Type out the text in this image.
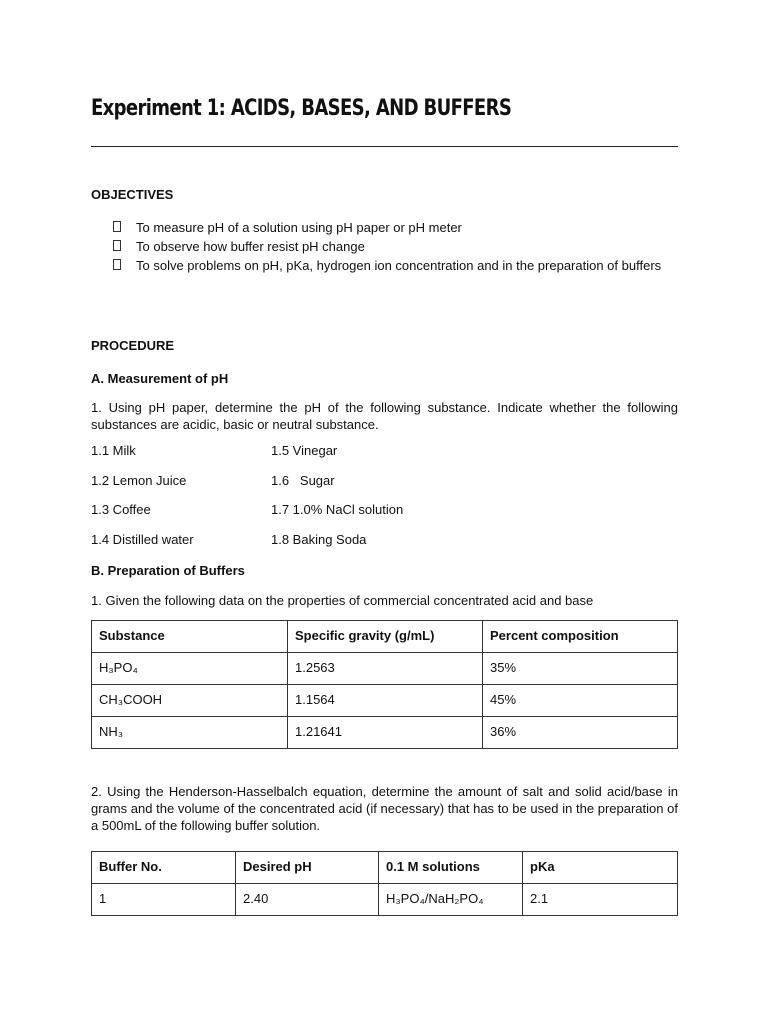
Experiment 1: ACIDS, BASES, AND BUFFERS
OBJECTIVES
To measure pH of a solution using pH paper or pH meter
To observe how buffer resist pH change
To solve problems on pH, pKa, hydrogen ion concentration and in the preparation of buffers
PROCEDURE
A. Measurement of pH

1. Using pH paper, determine the pH of the following substance. Indicate whether the following substances are acidic, basic or neutral substance.

1.1 Milk	1.5 Vinegar
1.2 Lemon Juice	1.6   Sugar
1.3 Coffee	1.7 1.0% NaCl solution
1.4 Distilled water	1.8 Baking Soda
B. Preparation of Buffers

1. Given the following data on the properties of commercial concentrated acid and base

Substance	Specific gravity (g/mL)	Percent composition
H₃PO₄	1.2563	35%
CH₃COOH	1.1564	45%
NH₃	1.21641	36%

2. Using the Henderson-Hasselbalch equation, determine the amount of salt and solid acid/base in grams and the volume of the concentrated acid (if necessary) that has to be used in the preparation of a 500mL of the following buffer solution.

Buffer No.	Desired pH	0.1 M solutions	pKa
1	2.40	H₃PO₄/NaH₂PO₄	2.1
